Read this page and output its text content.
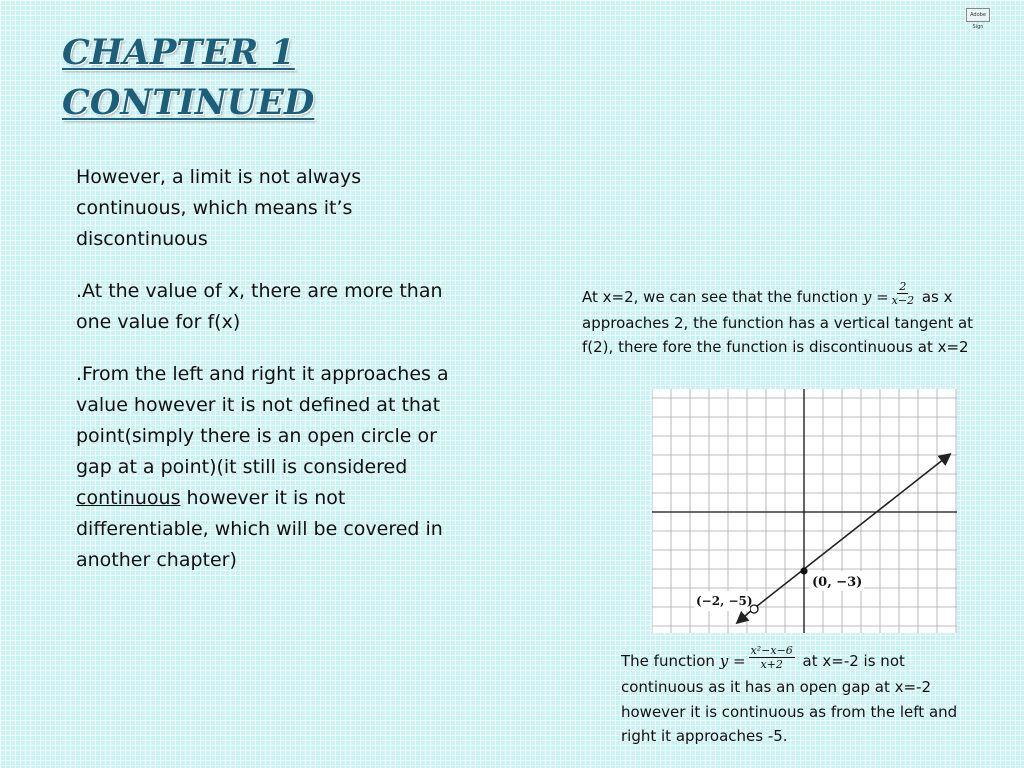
Adobe Sign
CHAPTER 1
CONTINUED

However, a limit is not always continuous, which means it’s discontinuous

.At the value of x, there are more than one value for f(x)

.From the left and right it approaches a value however it is not defined at that point(simply there is an open circle or gap at a point)(it still is considered continuous however it is not differentiable, which will be covered in another chapter)

At x=2, we can see that the function $y = \frac{2}{x-2}$ as x approaches 2, the function has a vertical tangent at f(2), there fore the function is discontinuous at x=2
(0, −3)
(−2, −5)
The function $y = \frac{\text{x²−x−6}}{x+2}$ at x=-2 is not continuous as it has an open gap at x=-2 however it is continuous as from the left and right it approaches -5.
